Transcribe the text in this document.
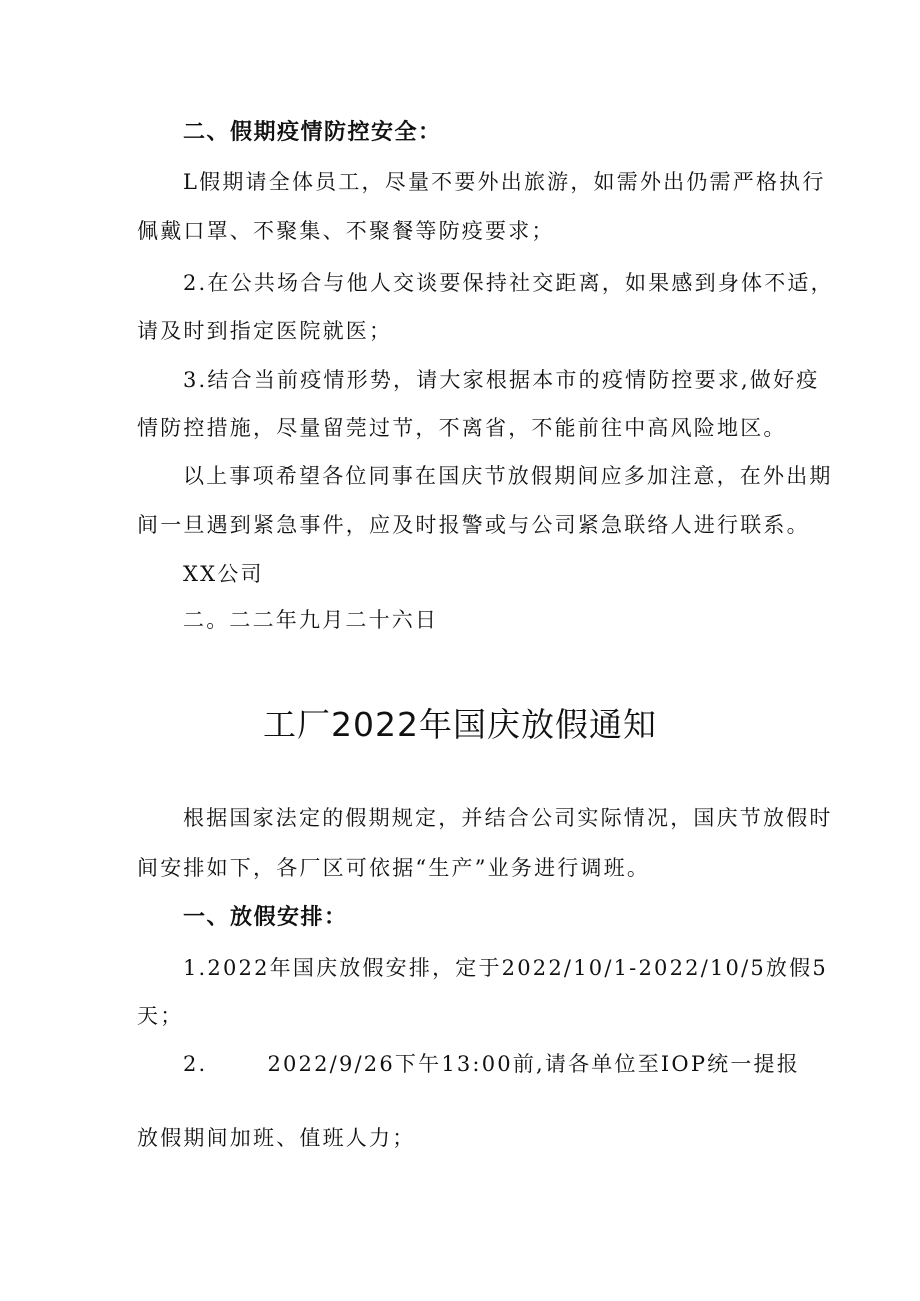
二、假期疫情防控安全：
L假期请全体员工，尽量不要外出旅游，如需外出仍需严格执行
佩戴口罩、不聚集、不聚餐等防疫要求；
2.在公共场合与他人交谈要保持社交距离，如果感到身体不适，
请及时到指定医院就医；
3.结合当前疫情形势，请大家根据本市的疫情防控要求,做好疫
情防控措施，尽量留莞过节，不离省，不能前往中高风险地区。
以上事项希望各位同事在国庆节放假期间应多加注意，在外出期
间一旦遇到紧急事件，应及时报警或与公司紧急联络人进行联系。
XX公司
二。二二年九月二十六日
工厂2022年国庆放假通知
根据国家法定的假期规定，并结合公司实际情况，国庆节放假时
间安排如下，各厂区可依据“生产”业务进行调班。
一、放假安排：
1.2022年国庆放假安排，定于2022/10/1-2022/10/5放假5
天；
2.	2022/9/26下午13:00前,请各单位至IOP统一提报
放假期间加班、值班人力；
